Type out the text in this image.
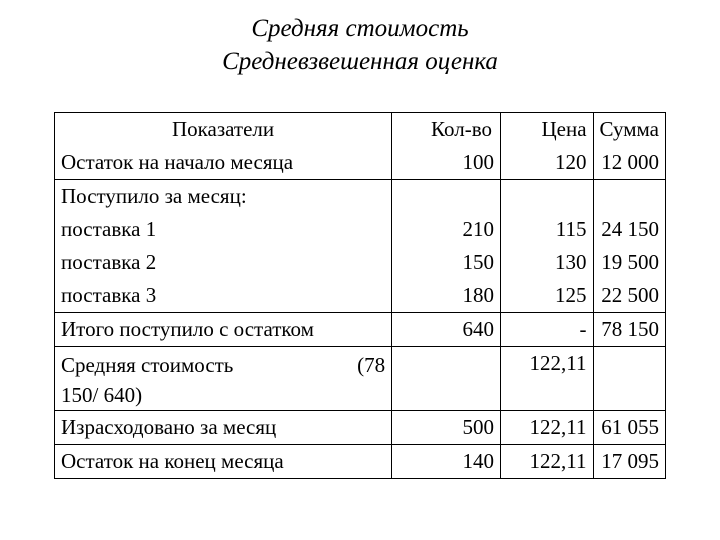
Средняя стоимость
Средневзвешенная оценка
Показатели	Кол-во	Цена	Сумма
Остаток на начало месяца	100	120	12 000
Поступило за месяц:			
поставка 1	210	115	24 150
поставка 2	150	130	19 500
поставка 3	180	125	22 500
Итого поступило с остатком	640	-	78 150

Средняя стоимость (78
150/ 640)		122,11	
Израсходовано за месяц	500	122,11	61 055
Остаток на конец месяца	140	122,11	17 095
